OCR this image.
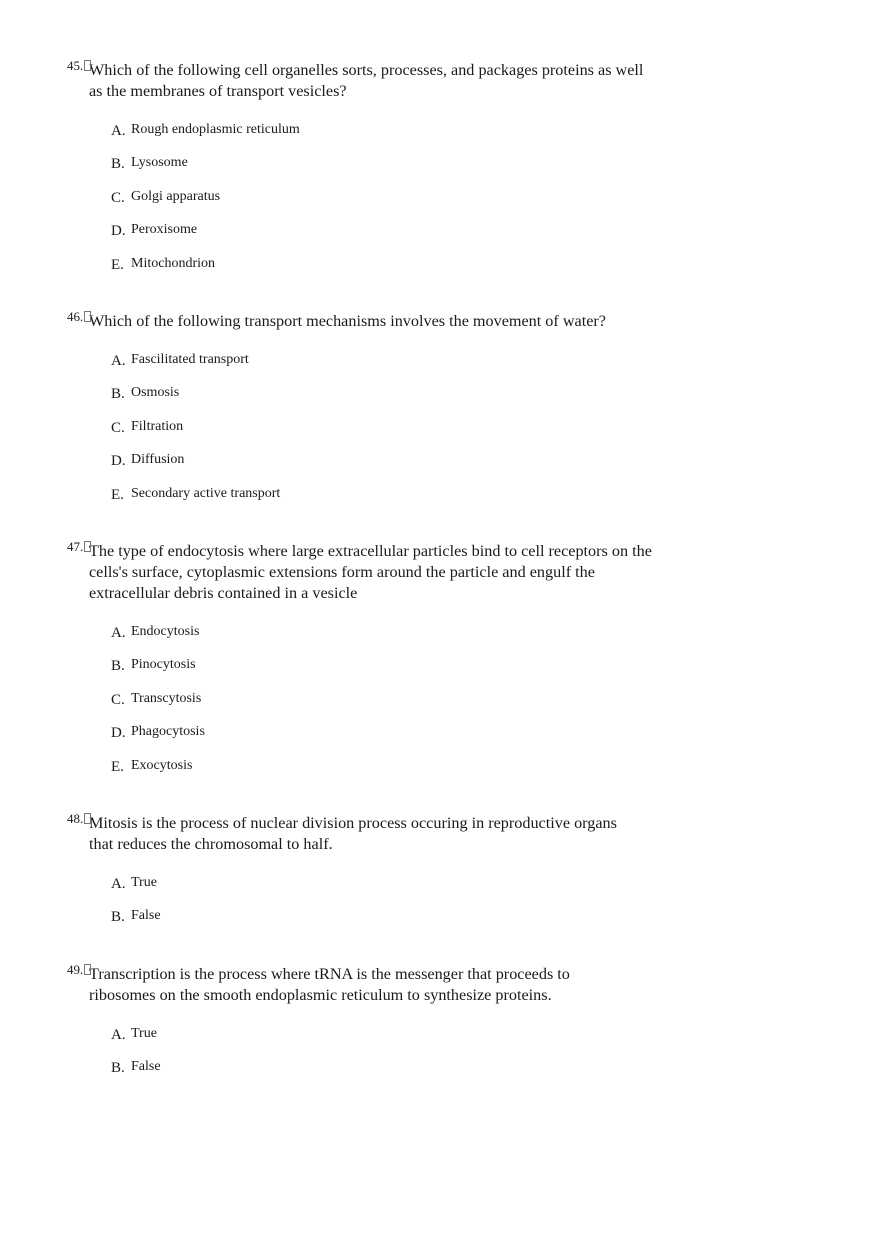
45. Which of the following cell organelles sorts, processes, and packages proteins as well as the membranes of transport vesicles?
A. Rough endoplasmic reticulum
B. Lysosome
C. Golgi apparatus
D. Peroxisome
E. Mitochondrion
46. Which of the following transport mechanisms involves the movement of water?
A. Fascilitated transport
B. Osmosis
C. Filtration
D. Diffusion
E. Secondary active transport
47. The type of endocytosis where large extracellular particles bind to cell receptors on the cells's surface, cytoplasmic extensions form around the particle and engulf the extracellular debris contained in a vesicle
A. Endocytosis
B. Pinocytosis
C. Transcytosis
D. Phagocytosis
E. Exocytosis
48. Mitosis is the process of nuclear division process occuring in reproductive organs that reduces the chromosomal to half.
A. True
B. False
49. Transcription is the process where tRNA is the messenger that proceeds to ribosomes on the smooth endoplasmic reticulum to synthesize proteins.
A. True
B. False
